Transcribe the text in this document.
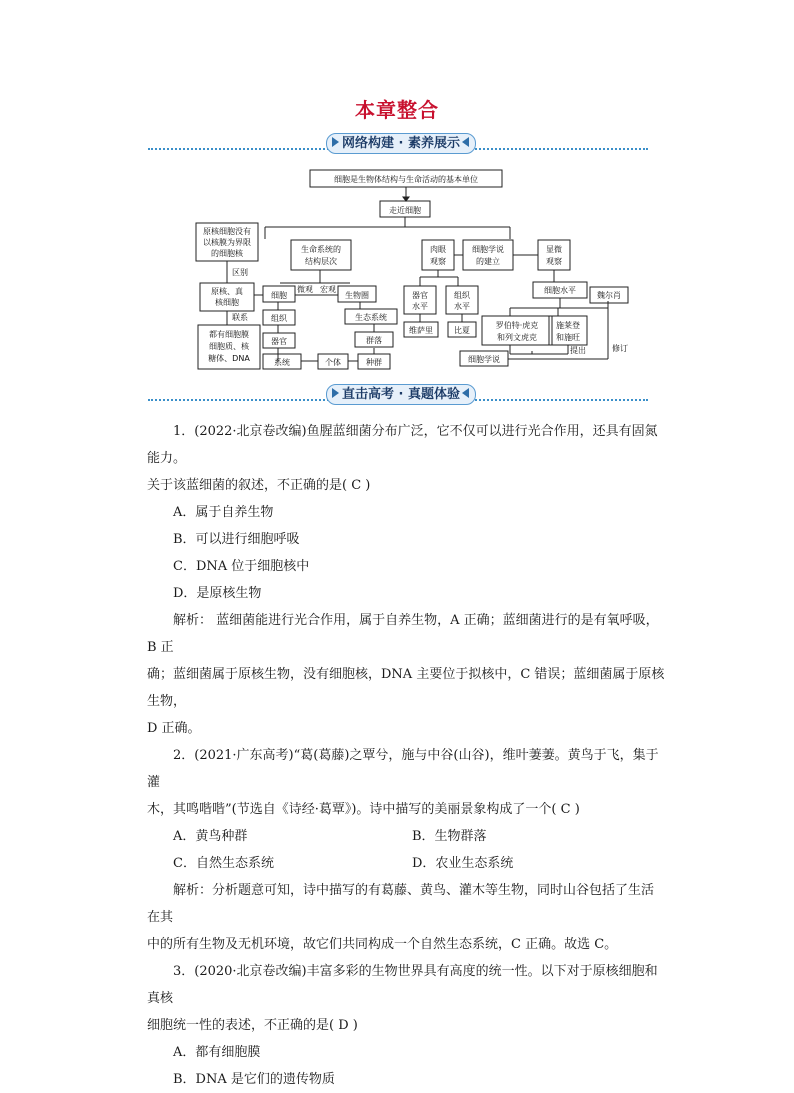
本章整合
网络构建 · 素养展示
细胞是生物体结构与生命活动的基本单位
走近细胞
原核细胞没有
以核膜为界限
的细胞核
区别
原核、真
核细胞
联系
都有细胞膜
细胞质、核
糖体、DNA
生命系统的
结构层次
微观 宏观
细胞	生物圈
组织	生态系统
器官	群落
系统	个体	种群
肉眼
观察
细胞学说
的建立
显微
观察
器官
水平
组织
水平
细胞水平
维萨里	比夏
罗伯特·虎克
和列文虎克
施莱登
和施旺
魏尔肖
提出	修订
细胞学说
直击高考 · 真题体验

1．(2022·北京卷改编)鱼腥蓝细菌分布广泛，它不仅可以进行光合作用，还具有固氮能力。

关于该蓝细菌的叙述，不正确的是( C )

A．属于自养生物

B．可以进行细胞呼吸

C．DNA 位于细胞核中

D．是原核生物

解析： 蓝细菌能进行光合作用，属于自养生物，A 正确；蓝细菌进行的是有氧呼吸，B 正

确；蓝细菌属于原核生物，没有细胞核，DNA 主要位于拟核中，C 错误；蓝细菌属于原核生物，

D 正确。

2．(2021·广东高考)“葛(葛藤)之覃兮，施与中谷(山谷)，维叶萋萋。黄鸟于飞，集于灌

木，其鸣喈喈”(节选自《诗经·葛覃》)。诗中描写的美丽景象构成了一个( C )

A．黄鸟种群	B．生物群落
C．自然生态系统	D．农业生态系统

解析：分析题意可知，诗中描写的有葛藤、黄鸟、灌木等生物，同时山谷包括了生活在其

中的所有生物及无机环境，故它们共同构成一个自然生态系统，C 正确。故选 C。

3．(2020·北京卷改编)丰富多彩的生物世界具有高度的统一性。以下对于原核细胞和真核

细胞统一性的表述，不正确的是( D )

A．都有细胞膜

B．DNA 是它们的遗传物质
